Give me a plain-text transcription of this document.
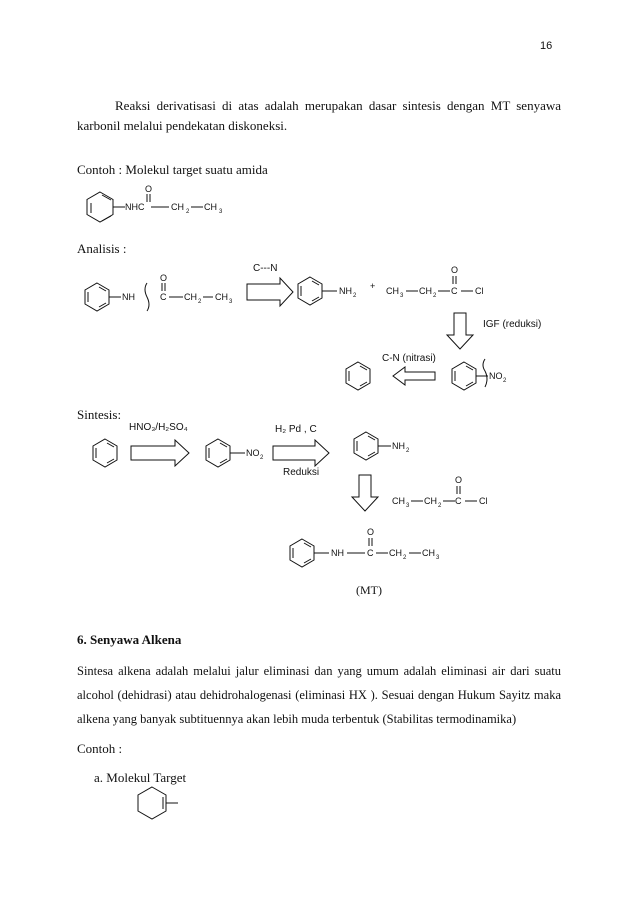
16

Reaksi derivatisasi di atas adalah merupakan dasar sintesis dengan MT senyawa karbonil melalui pendekatan diskoneksi.

Contoh : Molekul target suatu amida
NHC
O
CH 2 CH 3
Analisis :
NH
O
C CH 2 CH 3
C---N
NH 2
+ CH 3 CH 2 C
O
Cl
IGF (reduksi)
C-N (nitrasi)
NO 2
Sintesis:
HNO₃/H₂SO₄
NO 2
H₂ Pd , C
Reduksi
NH 2
CH 3 CH 2 C
O
Cl
NH
O
C CH 2 CH 3
(MT)
6. Senyawa Alkena

Sintesa alkena adalah melalui jalur eliminasi dan yang umum adalah eliminasi air dari suatu alcohol (dehidrasi) atau dehidrohalogenasi (eliminasi HX ). Sesuai dengan Hukum Sayitz maka alkena yang banyak subtituennya akan lebih muda terbentuk (Stabilitas termodinamika)

Contoh :
a. Molekul Target
